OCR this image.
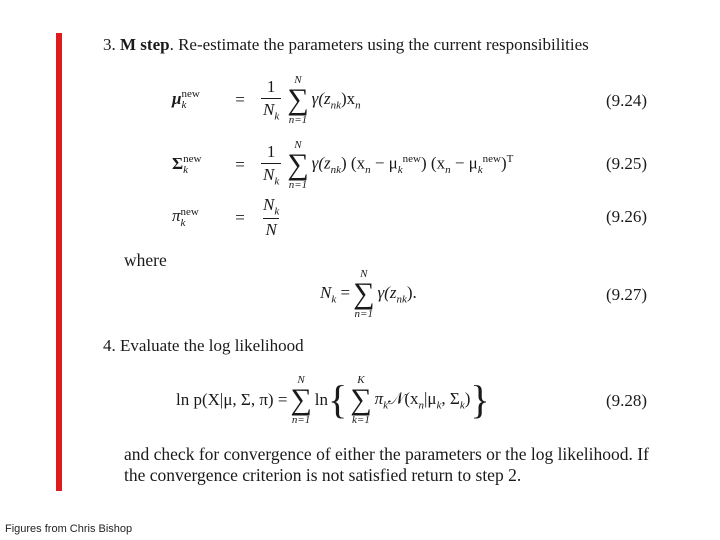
3. M step. Re-estimate the parameters using the current responsibilities
μ new
k	= $\frac{1}{N_k}$ N
∑
n=1
$\gamma(z_{nk})x_n$	(9.24)
Σ new
k	= $\frac{1}{N_k}$ N
∑
n=1
$\gamma(z_{nk}) (x_n - \mu_k^{new}) (x_n - \mu_k^{new})^T$	(9.25)
π new
k	= $\frac{N_k}{N}$	(9.26)
where
$N_k$ =
N
∑
n=1
$\gamma(z_{nk})$.	(9.27)
4. Evaluate the log likelihood
ln p(X|μ, Σ, π) =
N
∑
n=1
ln { K
∑
k=1
$\pi_k𝒩(x_n|\mu_k$, $\Sigma_k$) }	(9.28)
and check for convergence of either the parameters or the log likelihood. If the convergence criterion is not satisfied return to step 2.
Figures from Chris Bishop
